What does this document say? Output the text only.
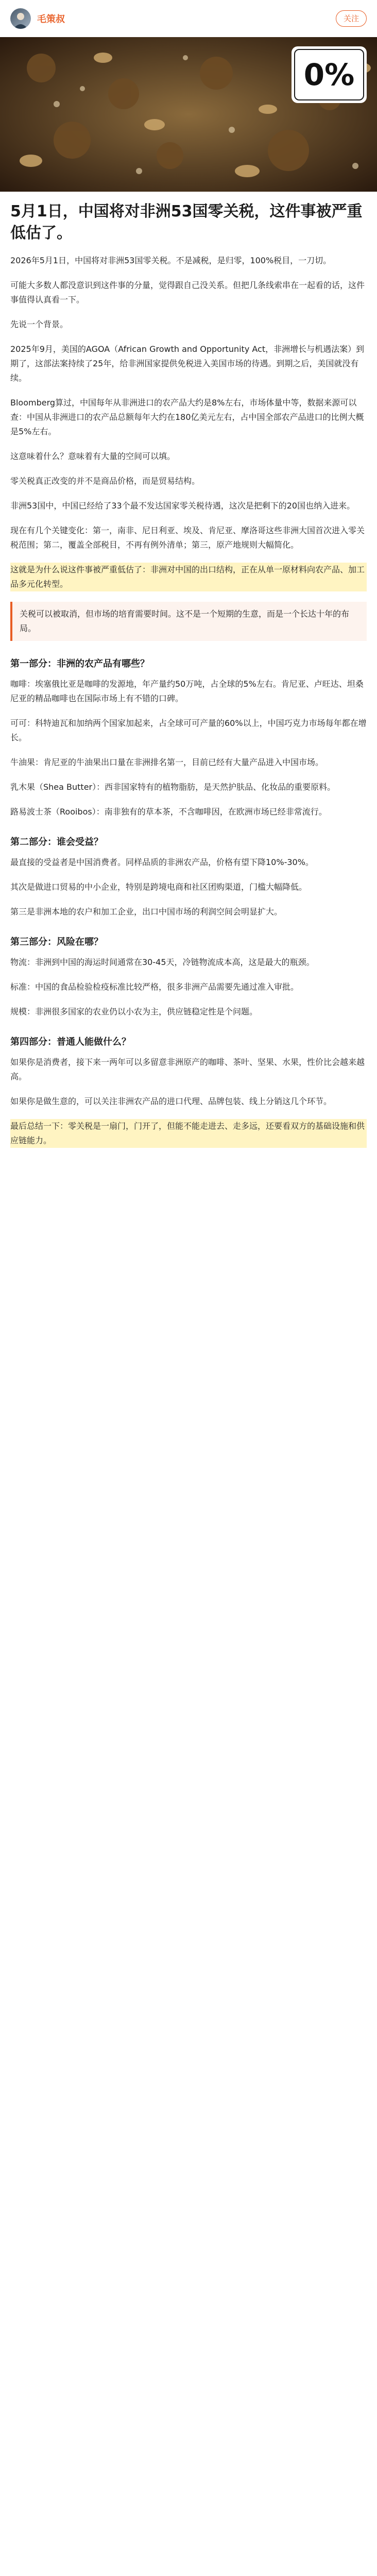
毛策叔	关注
0%
5月1日，中国将对非洲53国零关税，这件事被严重低估了。
2026年5月1日，中国将对非洲53国零关税。不是减税，是归零，100%税目，一刀切。
可能大多数人都没意识到这件事的分量，觉得跟自己没关系。但把几条线索串在一起看的话，这件事值得认真看一下。
先说一个背景。
2025年9月，美国的AGOA（African Growth and Opportunity Act，非洲增长与机遇法案）到期了，这部法案持续了25年，给非洲国家提供免税进入美国市场的待遇。到期之后，美国就没有续。
Bloomberg算过，中国每年从非洲进口的农产品大约是8%左右，市场体量中等，数据来源可以查：中国从非洲进口的农产品总额每年大约在180亿美元左右，占中国全部农产品进口的比例大概是5%左右。
这意味着什么？意味着有大量的空间可以填。
零关税真正改变的并不是商品价格，而是贸易结构。
非洲53国中，中国已经给了33个最不发达国家零关税待遇，这次是把剩下的20国也纳入进来。
现在有几个关键变化：第一，南非、尼日利亚、埃及、肯尼亚、摩洛哥这些非洲大国首次进入零关税范围；第二，覆盖全部税目，不再有例外清单；第三，原产地规则大幅简化。
这就是为什么说这件事被严重低估了：非洲对中国的出口结构，正在从单一原材料向农产品、加工品多元化转型。
关税可以被取消，但市场的培育需要时间。这不是一个短期的生意，而是一个长达十年的布局。
第一部分：非洲的农产品有哪些？
咖啡：埃塞俄比亚是咖啡的发源地，年产量约50万吨，占全球的5%左右。肯尼亚、卢旺达、坦桑尼亚的精品咖啡也在国际市场上有不错的口碑。
可可：科特迪瓦和加纳两个国家加起来，占全球可可产量的60%以上，中国巧克力市场每年都在增长。
牛油果：肯尼亚的牛油果出口量在非洲排名第一，目前已经有大量产品进入中国市场。
乳木果（Shea Butter）：西非国家特有的植物脂肪，是天然护肤品、化妆品的重要原料。
路易波士茶（Rooibos）：南非独有的草本茶，不含咖啡因，在欧洲市场已经非常流行。
第二部分：谁会受益？
最直接的受益者是中国消费者。同样品质的非洲农产品，价格有望下降10%-30%。
其次是做进口贸易的中小企业，特别是跨境电商和社区团购渠道，门槛大幅降低。
第三是非洲本地的农户和加工企业，出口中国市场的利润空间会明显扩大。
第三部分：风险在哪？
物流：非洲到中国的海运时间通常在30-45天，冷链物流成本高，这是最大的瓶颈。
标准：中国的食品检验检疫标准比较严格，很多非洲产品需要先通过准入审批。
规模：非洲很多国家的农业仍以小农为主，供应链稳定性是个问题。
第四部分：普通人能做什么？
如果你是消费者，接下来一两年可以多留意非洲原产的咖啡、茶叶、坚果、水果，性价比会越来越高。
如果你是做生意的，可以关注非洲农产品的进口代理、品牌包装、线上分销这几个环节。
最后总结一下：零关税是一扇门，门开了，但能不能走进去、走多远，还要看双方的基础设施和供应链能力。
